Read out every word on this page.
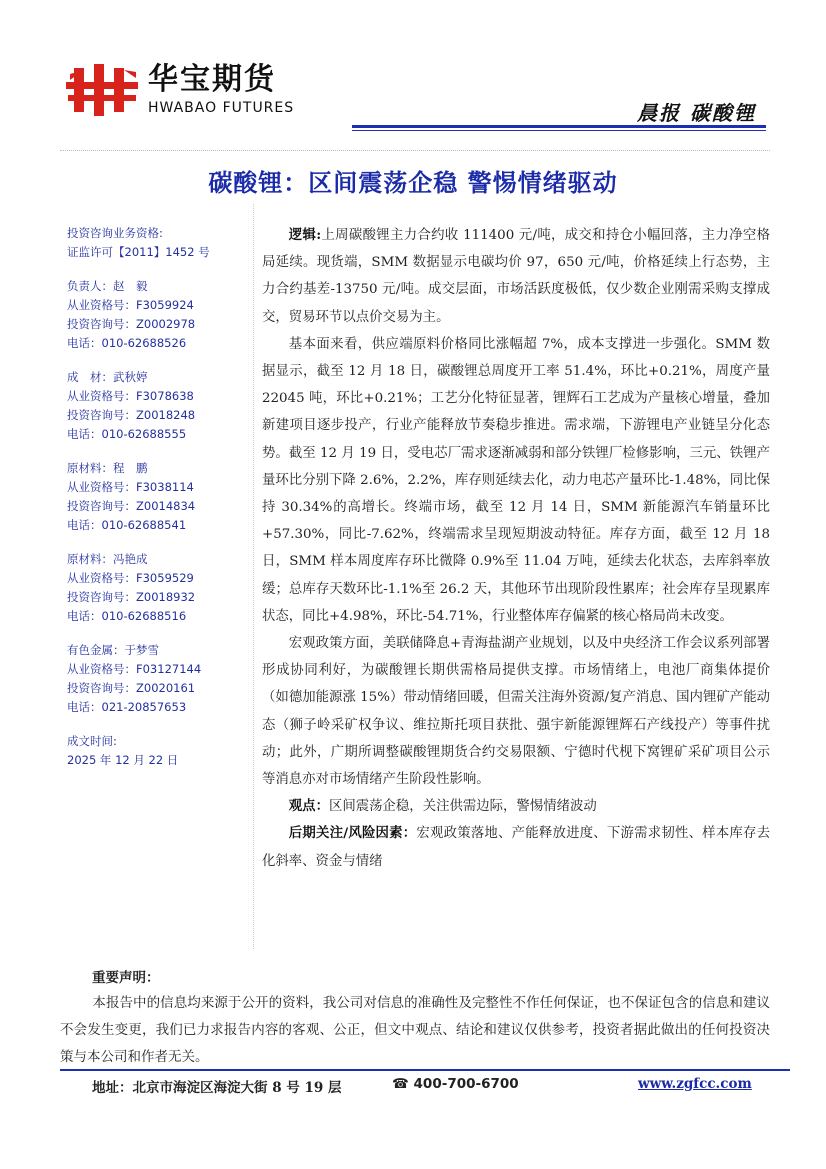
华宝期货
HWABAO FUTURES	晨报 碳酸锂
碳酸锂：区间震荡企稳 警惕情绪驱动
投资咨询业务资格:
证监许可【2011】1452 号
负责人：赵　毅
从业资格号：F3059924
投资咨询号：Z0002978
电话：010-62688526
成　材：武秋婷
从业资格号：F3078638
投资咨询号：Z0018248
电话：010-62688555
原材料：程　鹏
从业资格号：F3038114
投资咨询号：Z0014834
电话：010-62688541
原材料：冯艳成
从业资格号：F3059529
投资咨询号：Z0018932
电话：010-62688516
有色金属：于梦雪
从业资格号：F03127144
投资咨询号：Z0020161
电话：021-20857653
成文时间:
2025 年 12 月 22 日

逻辑:上周碳酸锂主力合约收 111400 元/吨，成交和持仓小幅回落，主力净空格局延续。现货端，SMM 数据显示电碳均价 97，650 元/吨，价格延续上行态势，主力合约基差-13750 元/吨。成交层面，市场活跃度极低，仅少数企业刚需采购支撑成交，贸易环节以点价交易为主。

基本面来看，供应端原料价格同比涨幅超 7%，成本支撑进一步强化。SMM 数据显示，截至 12 月 18 日，碳酸锂总周度开工率 51.4%，环比+0.21%，周度产量 22045 吨，环比+0.21%；工艺分化特征显著，锂辉石工艺成为产量核心增量，叠加新建项目逐步投产，行业产能释放节奏稳步推进。需求端，下游锂电产业链呈分化态势。截至 12 月 19 日，受电芯厂需求逐渐减弱和部分铁锂厂检修影响，三元、铁锂产量环比分别下降 2.6%，2.2%，库存则延续去化，动力电芯产量环比-1.48%，同比保持 30.34%的高增长。终端市场，截至 12 月 14 日，SMM 新能源汽车销量环比+57.30%，同比-7.62%，终端需求呈现短期波动特征。库存方面，截至 12 月 18 日，SMM 样本周度库存环比微降 0.9%至 11.04 万吨，延续去化状态，去库斜率放缓；总库存天数环比-1.1%至 26.2 天，其他环节出现阶段性累库；社会库存呈现累库状态，同比+4.98%，环比-54.71%，行业整体库存偏紧的核心格局尚未改变。

宏观政策方面，美联储降息+青海盐湖产业规划，以及中央经济工作会议系列部署形成协同利好，为碳酸锂长期供需格局提供支撑。市场情绪上，电池厂商集体提价（如德加能源涨 15%）带动情绪回暖，但需关注海外资源/复产消息、国内锂矿产能动态（狮子岭采矿权争议、维拉斯托项目获批、强宇新能源锂辉石产线投产）等事件扰动；此外，广期所调整碳酸锂期货合约交易限额、宁德时代枧下窝锂矿采矿项目公示等消息亦对市场情绪产生阶段性影响。

观点：区间震荡企稳，关注供需边际，警惕情绪波动

后期关注/风险因素：宏观政策落地、产能释放进度、下游需求韧性、样本库存去化斜率、资金与情绪

重要声明：
本报告中的信息均来源于公开的资料，我公司对信息的准确性及完整性不作任何保证，也不保证包含的信息和建议不会发生变更，我们已力求报告内容的客观、公正，但文中观点、结论和建议仅供参考，投资者据此做出的任何投资决策与本公司和作者无关。
地址：北京市海淀区海淀大街 8 号 19 层	☎ 400-700-6700	www.zgfcc.com
